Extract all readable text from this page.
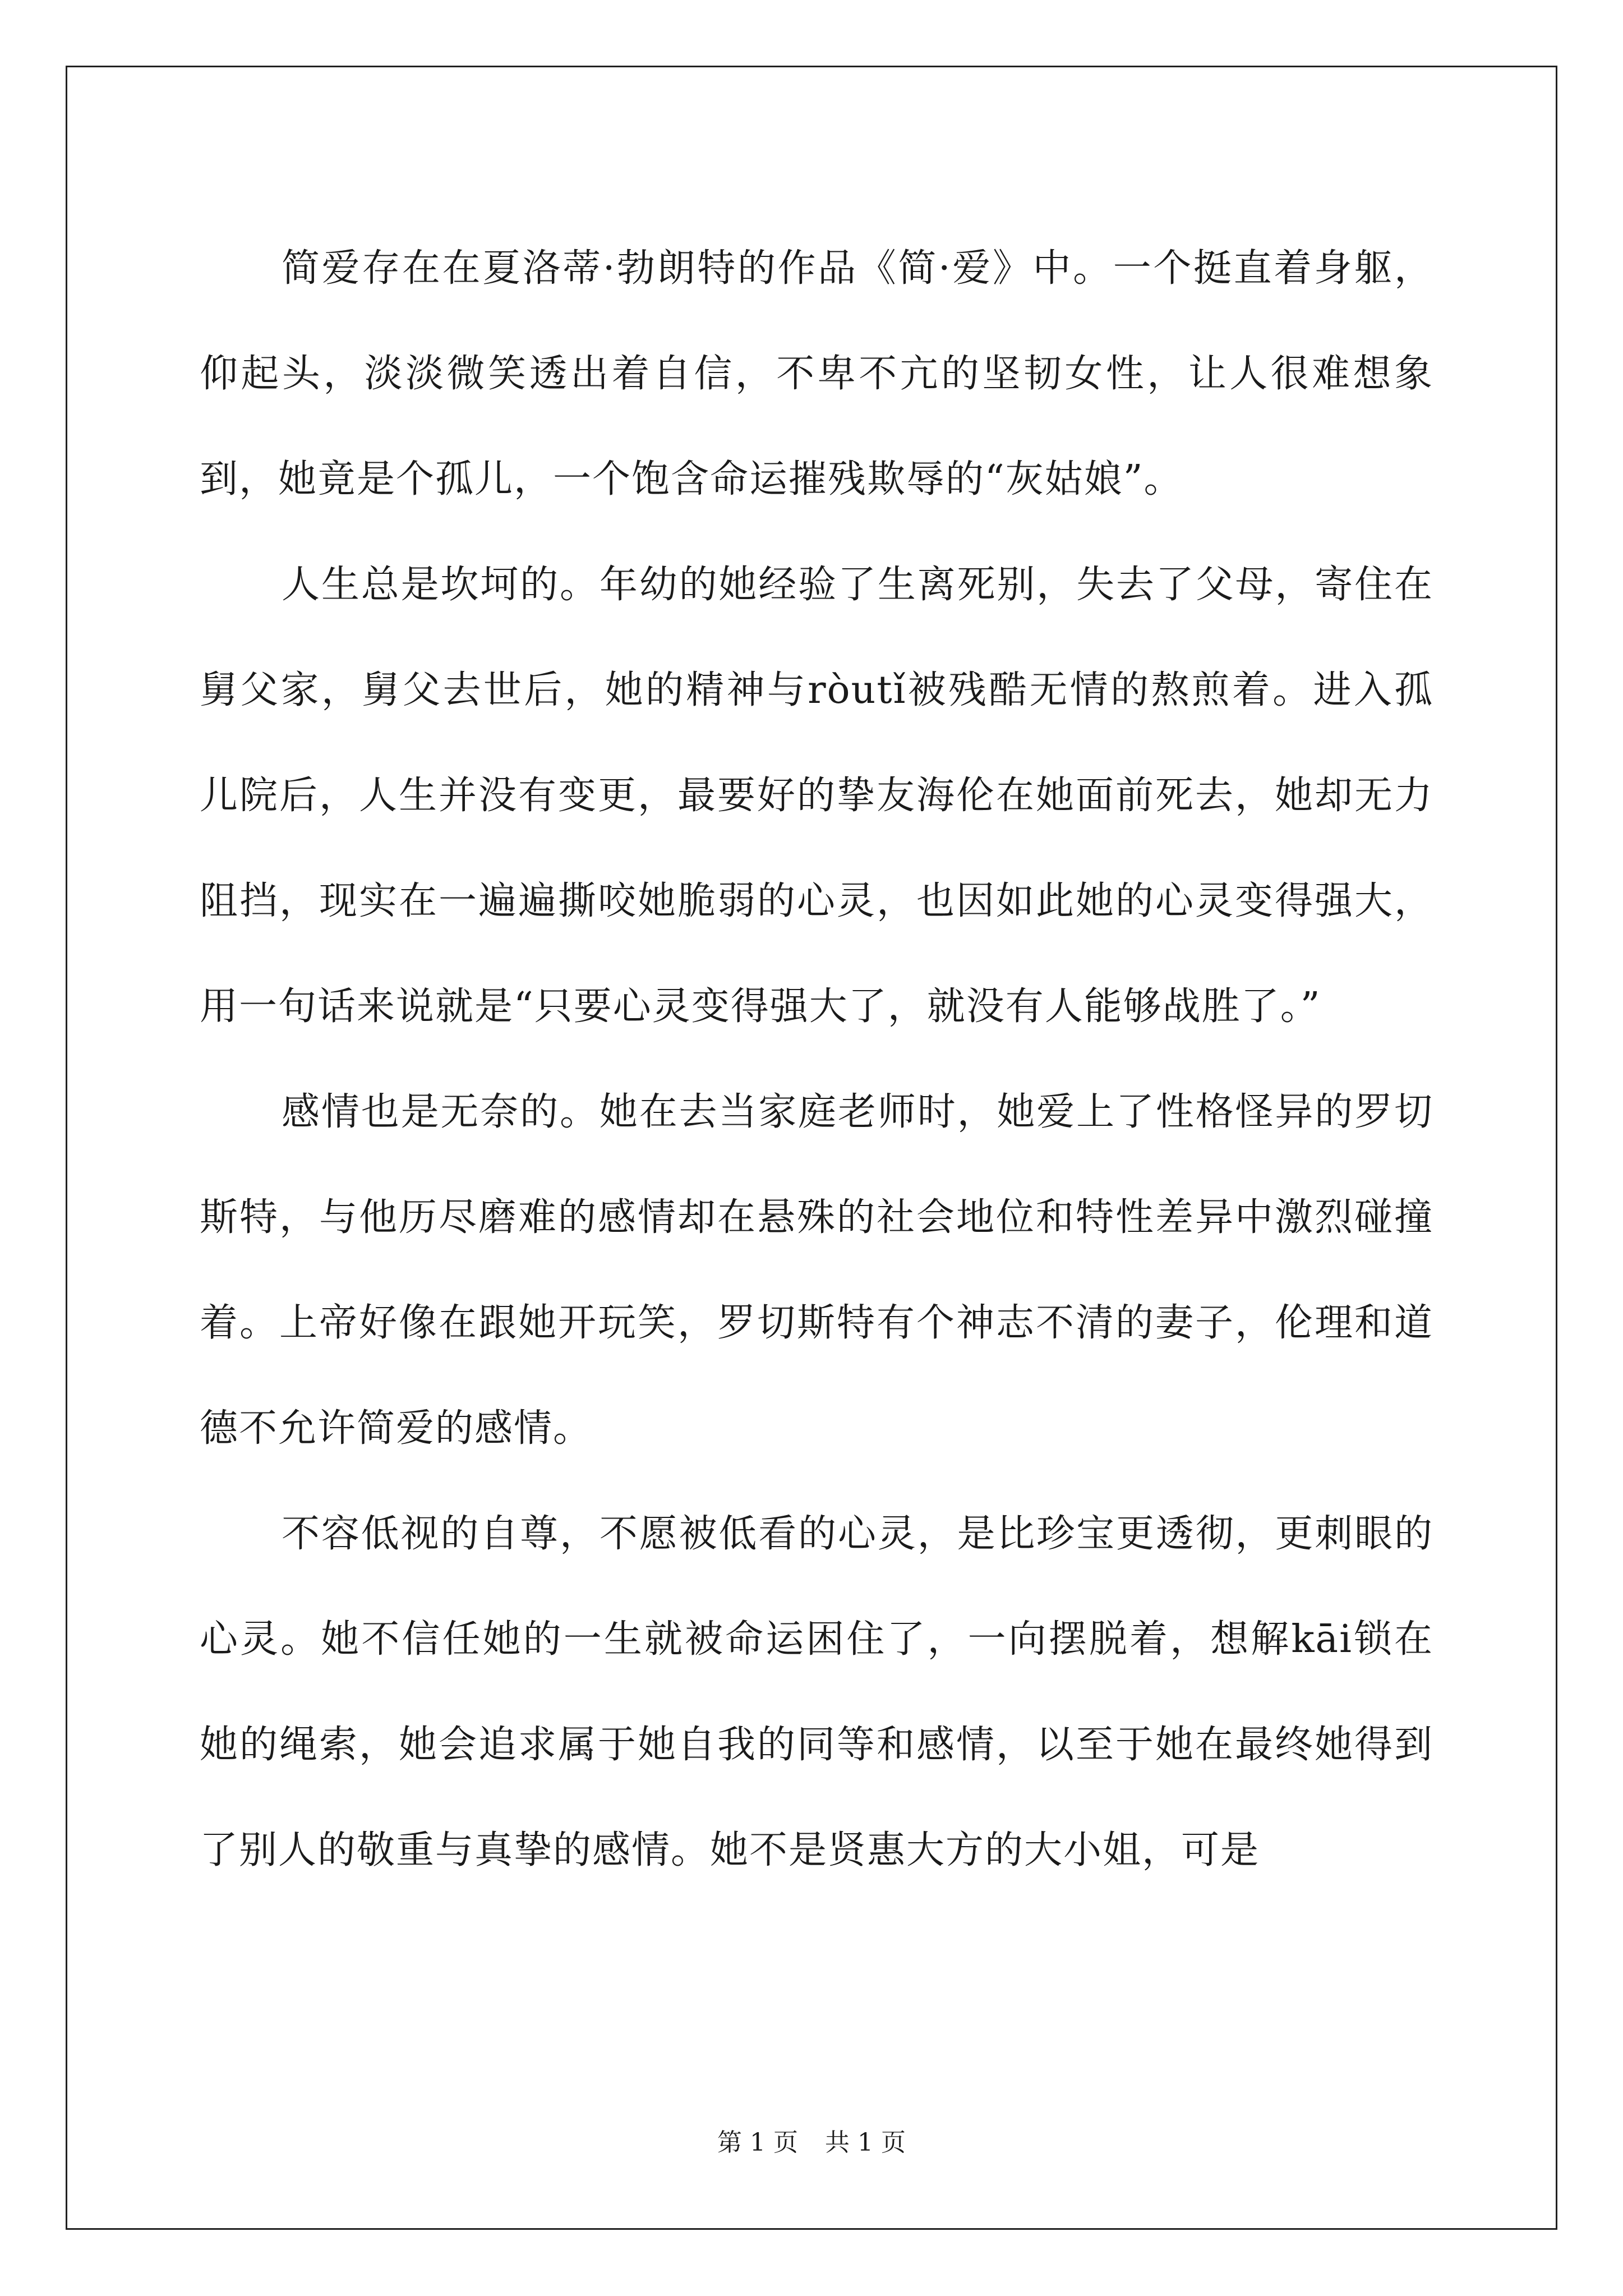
简爱存在在夏洛蒂·勃朗特的作品《简·爱》中。一个挺直着身躯，仰起头，淡淡微笑透出着自信，不卑不亢的坚韧女性，让人很难想象到，她竟是个孤儿，一个饱含命运摧残欺辱的“灰姑娘”。

人生总是坎坷的。年幼的她经验了生离死别，失去了父母，寄住在舅父家，舅父去世后，她的精神与ròutǐ被残酷无情的熬煎着。进入孤儿院后，人生并没有变更，最要好的挚友海伦在她面前死去，她却无力阻挡，现实在一遍遍撕咬她脆弱的心灵，也因如此她的心灵变得强大，用一句话来说就是“只要心灵变得强大了，就没有人能够战胜了。”

感情也是无奈的。她在去当家庭老师时，她爱上了性格怪异的罗切斯特，与他历尽磨难的感情却在悬殊的社会地位和特性差异中激烈碰撞着。上帝好像在跟她开玩笑，罗切斯特有个神志不清的妻子，伦理和道德不允许简爱的感情。

不容低视的自尊，不愿被低看的心灵，是比珍宝更透彻，更刺眼的心灵。她不信任她的一生就被命运困住了，一向摆脱着，想解kāi锁在她的绳索，她会追求属于她自我的同等和感情，以至于她在最终她得到了别人的敬重与真挚的感情。她不是贤惠大方的大小姐，可是

第 1 页 共 1 页
